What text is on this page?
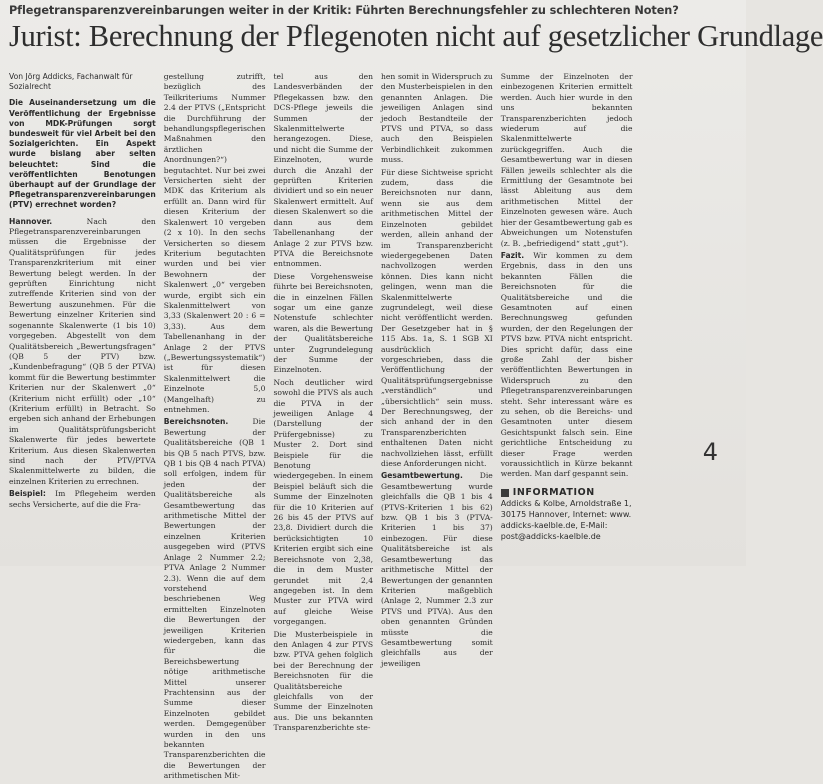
Pflegetransparenzvereinbarungen weiter in der Kritik: Führten Berechnungsfehler zu schlechteren Noten?
Jurist: Berechnung der Pflegenoten nicht auf gesetzlicher Grundlage
Von Jörg Addicks, Fachanwalt für Sozialrecht
Die Auseinandersetzung um die Veröffentlichung der Ergebnisse von MDK-Prüfungen sorgt bundesweit für viel Arbeit bei den Sozialgerichten. Ein Aspekt wurde bislang aber selten beleuchtet: Sind die veröffentlichten Benotungen überhaupt auf der Grundlage der Pflegetransparenzvereinbarungen (PTV) errechnet worden?

Hannover. Nach den Pflegetransparenzvereinbarungen müssen die Ergebnisse der Qualitätsprüfungen für jedes Transparenzkriterium mit einer Bewertung belegt werden. In der geprüften Einrichtung nicht zutreffende Kriterien sind von der Bewertung auszunehmen. Für die Bewertung einzelner Kriterien sind sogenannte Skalenwerte (1 bis 10) vorgegeben. Abgestellt von dem Qualitätsbereich „Bewertungsfragen“ (QB 5 der PTV) bzw. „Kundenbefragung“ (QB 5 der PTVA) kommt für die Bewertung bestimmter Kriterien nur der Skalenwert „0“ (Kriterium nicht erfüllt) oder „10“ (Kriterium erfüllt) in Betracht. So ergeben sich anhand der Erhebungen im Qualitätsprüfungsbericht Skalenwerte für jedes bewertete Kriterium. Aus diesen Skalenwerten sind nach der PTV/PTVA Skalenmittelwerte zu bilden, die einzelnen Kriterien zu errechnen.

Beispiel: Im Pflegeheim werden sechs Versicherte, auf die die Fra-

gestellung zutrifft, bezüglich des Teilkriteriums Nummer 2.4 der PTVS („Entspricht die Durchführung der behandlungspflegerischen Maßnahmen den ärztlichen Anordnungen?“) begutachtet. Nur bei zwei Versicherten sieht der MDK das Kriterium als erfüllt an. Dann wird für diesen Kriterium der Skalenwert 10 vergeben (2 x 10). In den sechs Versicherten so diesem Kriterium begutachten wurden und bei vier Bewohnern der Skalenwert „0“ vergeben wurde, ergibt sich ein Skalenmittelwert von 3,33 (Skalenwert 20 : 6 = 3,33). Aus dem Tabellenanhang in der Anlage 2 der PTVS („Bewertungssystematik“) ist für diesen Skalenmittelwert die Einzelnote 5,0 (Mangelhaft) zu entnehmen.

Bereichsnoten. Die Bewertung der Qualitätsbereiche (QB 1 bis QB 5 nach PTVS, bzw. QB 1 bis QB 4 nach PTVA) soll erfolgen, indem für jeden der Qualitätsbereiche als Gesamtbewertung das arithmetische Mittel der Bewertungen der einzelnen Kriterien ausgegeben wird (PTVS Anlage 2 Nummer 2.2; PTVA Anlage 2 Nummer 2.3). Wenn die auf dem vorstehend beschriebenen Weg ermittelten Einzelnoten die Bewertungen der jeweiligen Kriterien wiedergeben, kann das für die Bereichsbewertung nötige arithmetische Mittel unserer Prachtensinn aus der Summe dieser Einzelnoten gebildet werden. Demgegenüber wurden in den uns bekannten Transparenzberichten die die Bewertungen der arithmetischen Mit-

tel aus den Landesverbänden der Pflegekassen bzw. den DCS-Pflege jeweils die Summen der Skalenmittelwerte herangezogen. Diese, und nicht die Summe der Einzelnoten, wurde durch die Anzahl der geprüften Kriterien dividiert und so ein neuer Skalenwert ermittelt. Auf diesen Skalenwert so die dann aus dem Tabellenanhang der Anlage 2 zur PTVS bzw. PTVA die Bereichsnote entnommen.

Diese Vorgehensweise führte bei Bereichsnoten, die in einzelnen Fällen sogar um eine ganze Notenstufe schlechter waren, als die Bewertung der Qualitätsbereiche unter Zugrundelegung der Summe der Einzelnoten.

Noch deutlicher wird sowohl die PTVS als auch die PTVA in der jeweiligen Anlage 4 (Darstellung der Prüfergebnisse) zu Muster 2. Dort sind Beispiele für die Benotung wiedergegeben. In einem Beispiel beläuft sich die Summe der Einzelnoten für die 10 Kriterien auf 26 bis 45 der PTVS auf 23,8. Dividiert durch die berücksichtigten 10 Kriterien ergibt sich eine Bereichsnote von 2,38, die in dem Muster gerundet mit 2,4 angegeben ist. In dem Muster zur PTVA wird auf gleiche Weise vorgegangen.

Die Musterbeispiele in den Anlagen 4 zur PTVS bzw. PTVA gehen folglich bei der Berechnung der Bereichsnoten für die Qualitätsbereiche gleichfalls von der Summe der Einzelnoten aus. Die uns bekannten Transparenzberichte ste-

hen somit in Widerspruch zu den Musterbeispielen in den genannten Anlagen. Die jeweiligen Anlagen sind jedoch Bestandteile der PTVS und PTVA, so dass auch den Beispielen Verbindlichkeit zukommen muss.

Für diese Sichtweise spricht zudem, dass die Bereichsnoten nur dann, wenn sie aus dem arithmetischen Mittel der Einzelnoten gebildet werden, allein anhand der im Transparenzbericht wiedergegebenen Daten nachvollzogen werden können. Dies kann nicht gelingen, wenn man die Skalenmittelwerte zugrundelegt, weil diese nicht veröffentlicht werden. Der Gesetzgeber hat in § 115 Abs. 1a, S. 1 SGB XI ausdrücklich vorgeschrieben, dass die Veröffentlichung der Qualitätsprüfungsergebnisse „verständlich“ und „übersichtlich“ sein muss. Der Berechnungsweg, der sich anhand der in den Transparenzberichten enthaltenen Daten nicht nachvollziehen lässt, erfüllt diese Anforderungen nicht.

Gesamtbewertung. Die Gesamtbewertung wurde gleichfalls die QB 1 bis 4 (PTVS-Kriterien 1 bis 62) bzw. QB 1 bis 3 (PTVA-Kriterien 1 bis 37) einbezogen. Für diese Qualitätsbereiche ist als Gesamtbewertung das arithmetische Mittel der Bewertungen der genannten Kriterien maßgeblich (Anlage 2, Nummer 2.3 zur PTVS und PTVA). Aus den oben genannten Gründen müsste die Gesamtbewertung somit gleichfalls aus der jeweiligen

Summe der Einzelnoten der einbezogenen Kriterien ermittelt werden. Auch hier wurde in den uns bekannten Transparenzberichten jedoch wiederum auf die Skalenmittelwerte zurückgegriffen. Auch die Gesamtbewertung war in diesen Fällen jeweils schlechter als die Ermittlung der Gesamtnote bei lässt Ableitung aus dem arithmetischen Mittel der Einzelnoten gewesen wäre. Auch hier der Gesamtbewertung gab es Abweichungen um Notenstufen (z. B. „befriedigend“ statt „gut“).

Fazit. Wir kommen zu dem Ergebnis, dass in den uns bekannten Fällen die Bereichsnoten für die Qualitätsbereiche und die Gesamtnoten auf einen Berechnungsweg gefunden wurden, der den Regelungen der PTVS bzw. PTVA nicht entspricht. Dies spricht dafür, dass eine große Zahl der bisher veröffentlichten Bewertungen in Widerspruch zu den Pflegetransparenzvereinbarungen steht. Sehr interessant wäre es zu sehen, ob die Bereichs- und Gesamtnoten unter diesem Gesichtspunkt falsch sein. Eine gerichtliche Entscheidung zu dieser Frage werden voraussichtlich in Kürze bekannt werden. Man darf gespannt sein.

INFORMATION
Addicks & Kolbe, Arnoldstraße 1,
30175 Hannover, Internet: www.
addicks-kaelble.de, E-Mail:
post@addicks-kaelble.de
4
